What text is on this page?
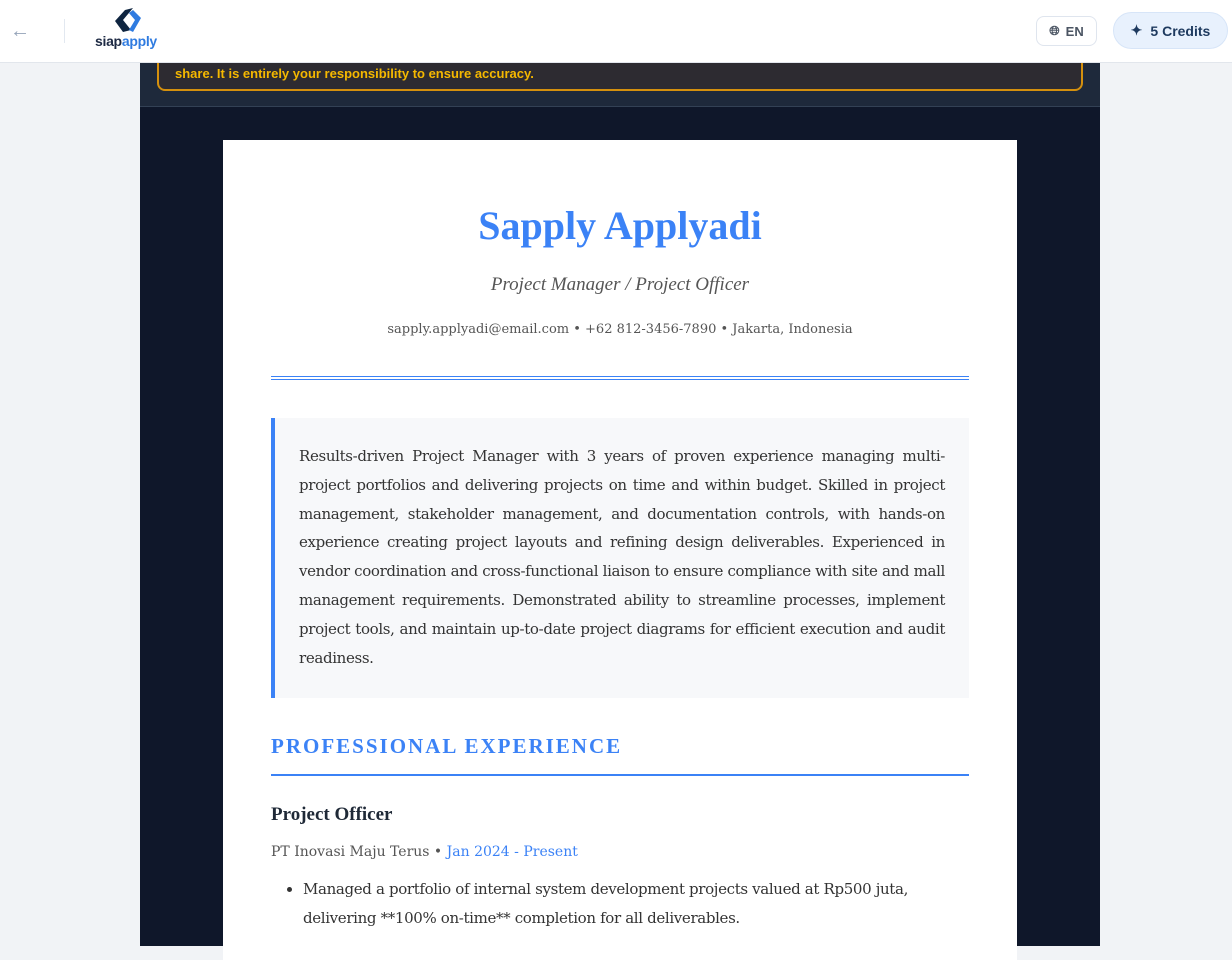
←	siapapply
🌐︎ EN	✦ 5 Credits

share. It is entirely your responsibility to ensure accuracy.

Sapply Applyadi
Project Manager / Project Officer
sapply.applyadi@email.com • +62 812-3456-7890 • Jakarta, Indonesia
Results-driven Project Manager with 3 years of proven experience managing multi-project portfolios and delivering projects on time and within budget. Skilled in project management, stakeholder management, and documentation controls, with hands-on experience creating project layouts and refining design deliverables. Experienced in vendor coordination and cross-functional liaison to ensure compliance with site and mall management requirements. Demonstrated ability to streamline processes, implement project tools, and maintain up-to-date project diagrams for efficient execution and audit readiness.
PROFESSIONAL EXPERIENCE
Project Officer
PT Inovasi Maju Terus • Jan 2024 - Present
• Managed a portfolio of internal system development projects valued at Rp500 juta, delivering **100% on-time** completion for all deliverables.
